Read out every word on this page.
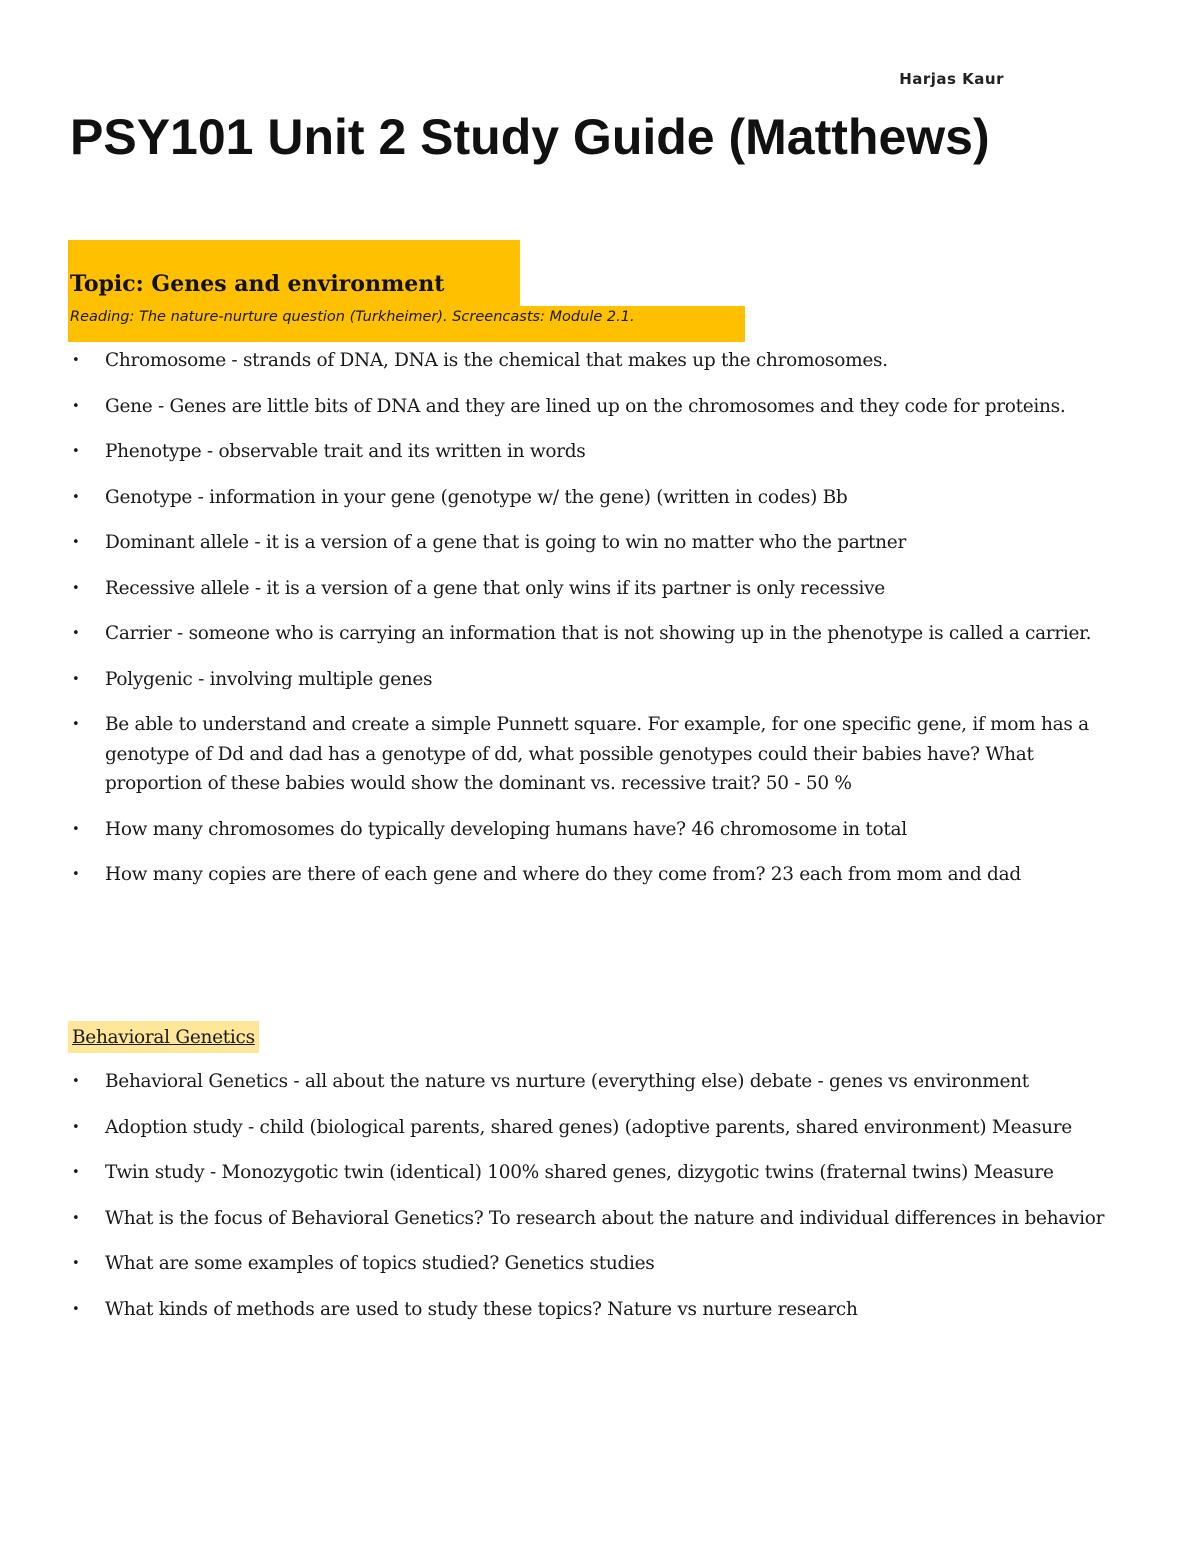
Harjas Kaur
PSY101 Unit 2 Study Guide (Matthews)
Topic: Genes and environment
Reading: The nature-nurture question (Turkheimer). Screencasts: Module 2.1.
• Chromosome - strands of DNA, DNA is the chemical that makes up the chromosomes.
• Gene - Genes are little bits of DNA and they are lined up on the chromosomes and they code for proteins.
• Phenotype - observable trait and its written in words
• Genotype - information in your gene (genotype w/ the gene) (written in codes) Bb
• Dominant allele - it is a version of a gene that is going to win no matter who the partner
• Recessive allele - it is a version of a gene that only wins if its partner is only recessive
• Carrier - someone who is carrying an information that is not showing up in the phenotype is called a carrier.
• Polygenic - involving multiple genes
• Be able to understand and create a simple Punnett square. For example, for one specific gene, if mom has a genotype of Dd and dad has a genotype of dd, what possible genotypes could their babies have? What proportion of these babies would show the dominant vs. recessive trait? 50 - 50 %
• How many chromosomes do typically developing humans have? 46 chromosome in total
• How many copies are there of each gene and where do they come from? 23 each from mom and dad
Behavioral Genetics
• Behavioral Genetics - all about the nature vs nurture (everything else) debate - genes vs environment
• Adoption study - child (biological parents, shared genes) (adoptive parents, shared environment) Measure
• Twin study - Monozygotic twin (identical) 100% shared genes, dizygotic twins (fraternal twins) Measure
• What is the focus of Behavioral Genetics? To research about the nature and individual differences in behavior
• What are some examples of topics studied? Genetics studies
• What kinds of methods are used to study these topics? Nature vs nurture research
